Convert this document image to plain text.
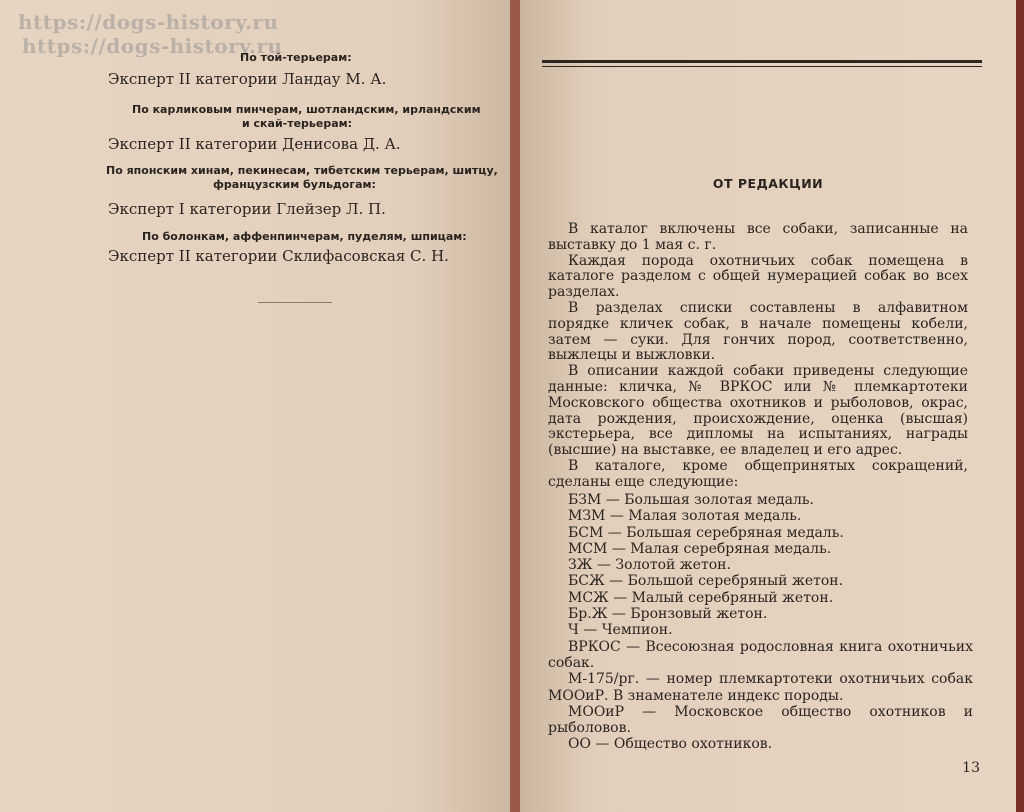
https://dogs-history.ru
https://dogs-history.ru
По той-терьерам:
Эксперт II категории Ландау М. А.
По карликовым пинчерам, шотландским, ирландским
и скай-терьерам:
Эксперт II категории Денисова Д. А.
По японским хинам, пекинесам, тибетским терьерам, шитцу,
французским бульдогам:
Эксперт I категории Глейзер Л. П.
По болонкам, аффенпинчерам, пуделям, шпицам:
Эксперт II категории Склифасовская С. Н.
ОТ РЕДАКЦИИ

В каталог включены все собаки, записанные на выставку до 1 мая с. г.

Каждая порода охотничьих собак помещена в каталоге разделом с общей нумерацией собак во всех разделах.

В разделах списки составлены в алфавитном порядке кличек собак, в начале помещены кобели, затем — суки. Для гончих пород, соответственно, выжлецы и выжловки.

В описании каждой собаки приведены следующие данные: кличка, № ВРКОС или № племкартотеки Московского общества охотников и рыболовов, окрас, дата рождения, происхождение, оценка (высшая) экстерьера, все дипломы на испытаниях, награды (высшие) на выставке, ее владелец и его адрес.

В каталоге, кроме общепринятых сокращений, сделаны еще следующие:

БЗМ — Большая золотая медаль.
МЗМ — Малая золотая медаль.
БСМ — Большая серебряная медаль.
МСМ — Малая серебряная медаль.
ЗЖ — Золотой жетон.
БСЖ — Большой серебряный жетон.
МСЖ — Малый серебряный жетон.
Бр.Ж — Бронзовый жетон.
Ч — Чемпион.
ВРКОС — Всесоюзная родословная книга охотничьих собак.
М-175/рг. — номер племкартотеки охотничьих собак МООиР. В знаменателе индекс породы.
МООиР — Московское общество охотников и рыболовов.
ОО — Общество охотников.
13
